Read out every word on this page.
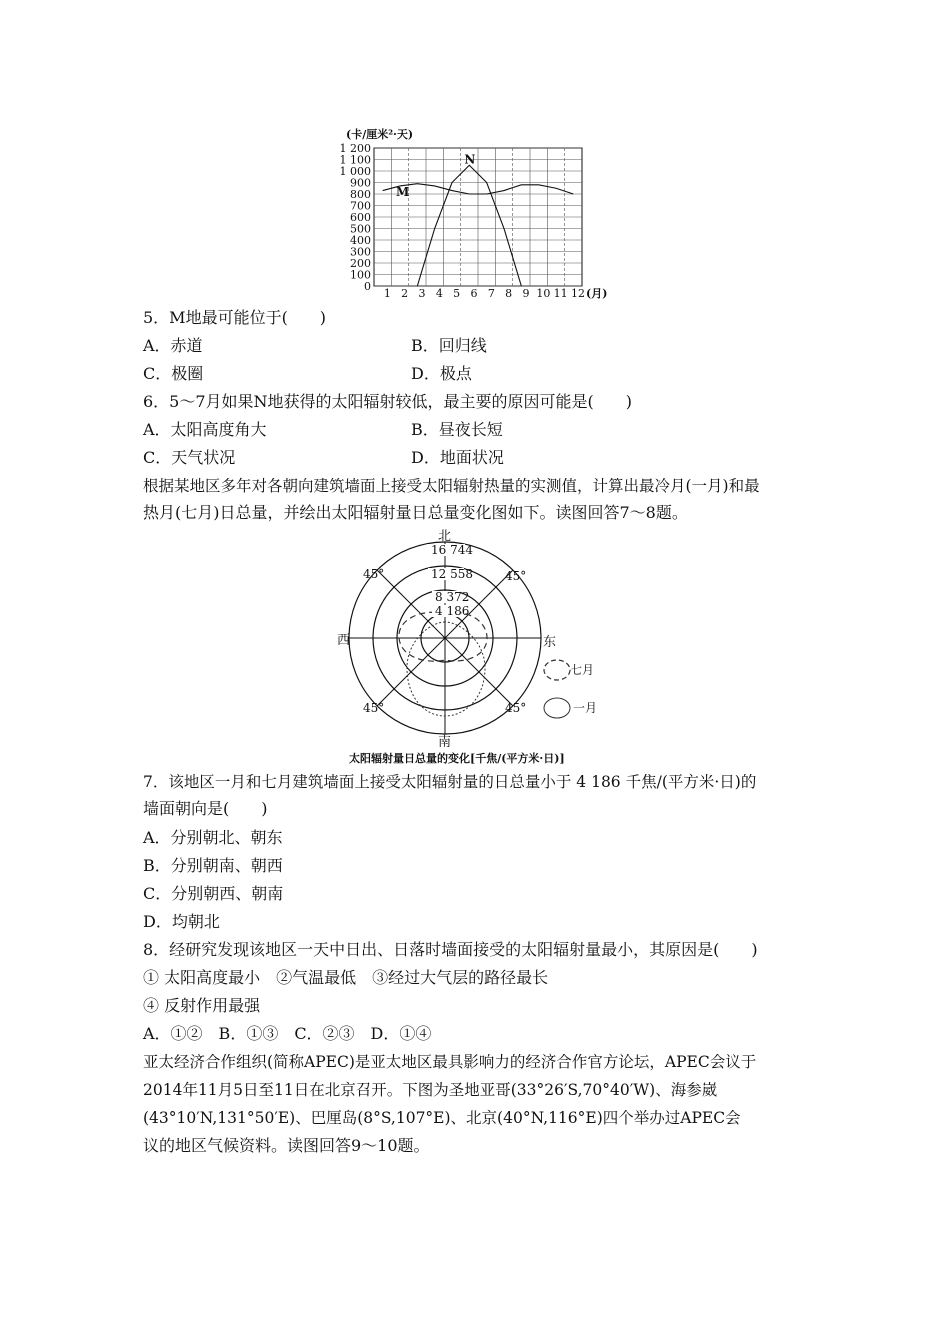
(卡/厘米²·天)
0
100
200
300
400
500
600
700
800
900
1 000
1 100
1 200
1 2 3 4 5 6 7 8 9 10 11 12 (月)
M
N
5．M地最可能位于(　　)
A．赤道	B．回归线
C．极圈	D．极点
6．5～7月如果N地获得的太阳辐射较低，最主要的原因可能是(　　)
A．太阳高度角大	B．昼夜长短
C．天气状况	D．地面状况
根据某地区多年对各朝向建筑墙面上接受太阳辐射热量的实测值，计算出最冷月(一月)和最
热月(七月)日总量，并绘出太阳辐射量日总量变化图如下。读图回答7～8题。
16 744
12 558
8 372
4 186
北
南
西	东
45°	45°
45°	45°
七月
一月
太阳辐射量日总量的变化[千焦/(平方米·日)]
7．该地区一月和七月建筑墙面上接受太阳辐射量的日总量小于 4 186 千焦/(平方米·日)的
墙面朝向是(　　)
A．分别朝北、朝东
B．分别朝南、朝西
C．分别朝西、朝南
D．均朝北
8．经研究发现该地区一天中日出、日落时墙面接受的太阳辐射量最小，其原因是(　　)
① 太阳高度最小　②气温最低　③经过大气层的路径最长
④ 反射作用最强
A．①②　B．①③　C．②③　D．①④
亚太经济合作组织(简称APEC)是亚太地区最具影响力的经济合作官方论坛，APEC会议于
2014年11月5日至11日在北京召开。下图为圣地亚哥(33°26′S,70°40′W)、海参崴
(43°10′N,131°50′E)、巴厘岛(8°S,107°E)、北京(40°N,116°E)四个举办过APEC会
议的地区气候资料。读图回答9～10题。
